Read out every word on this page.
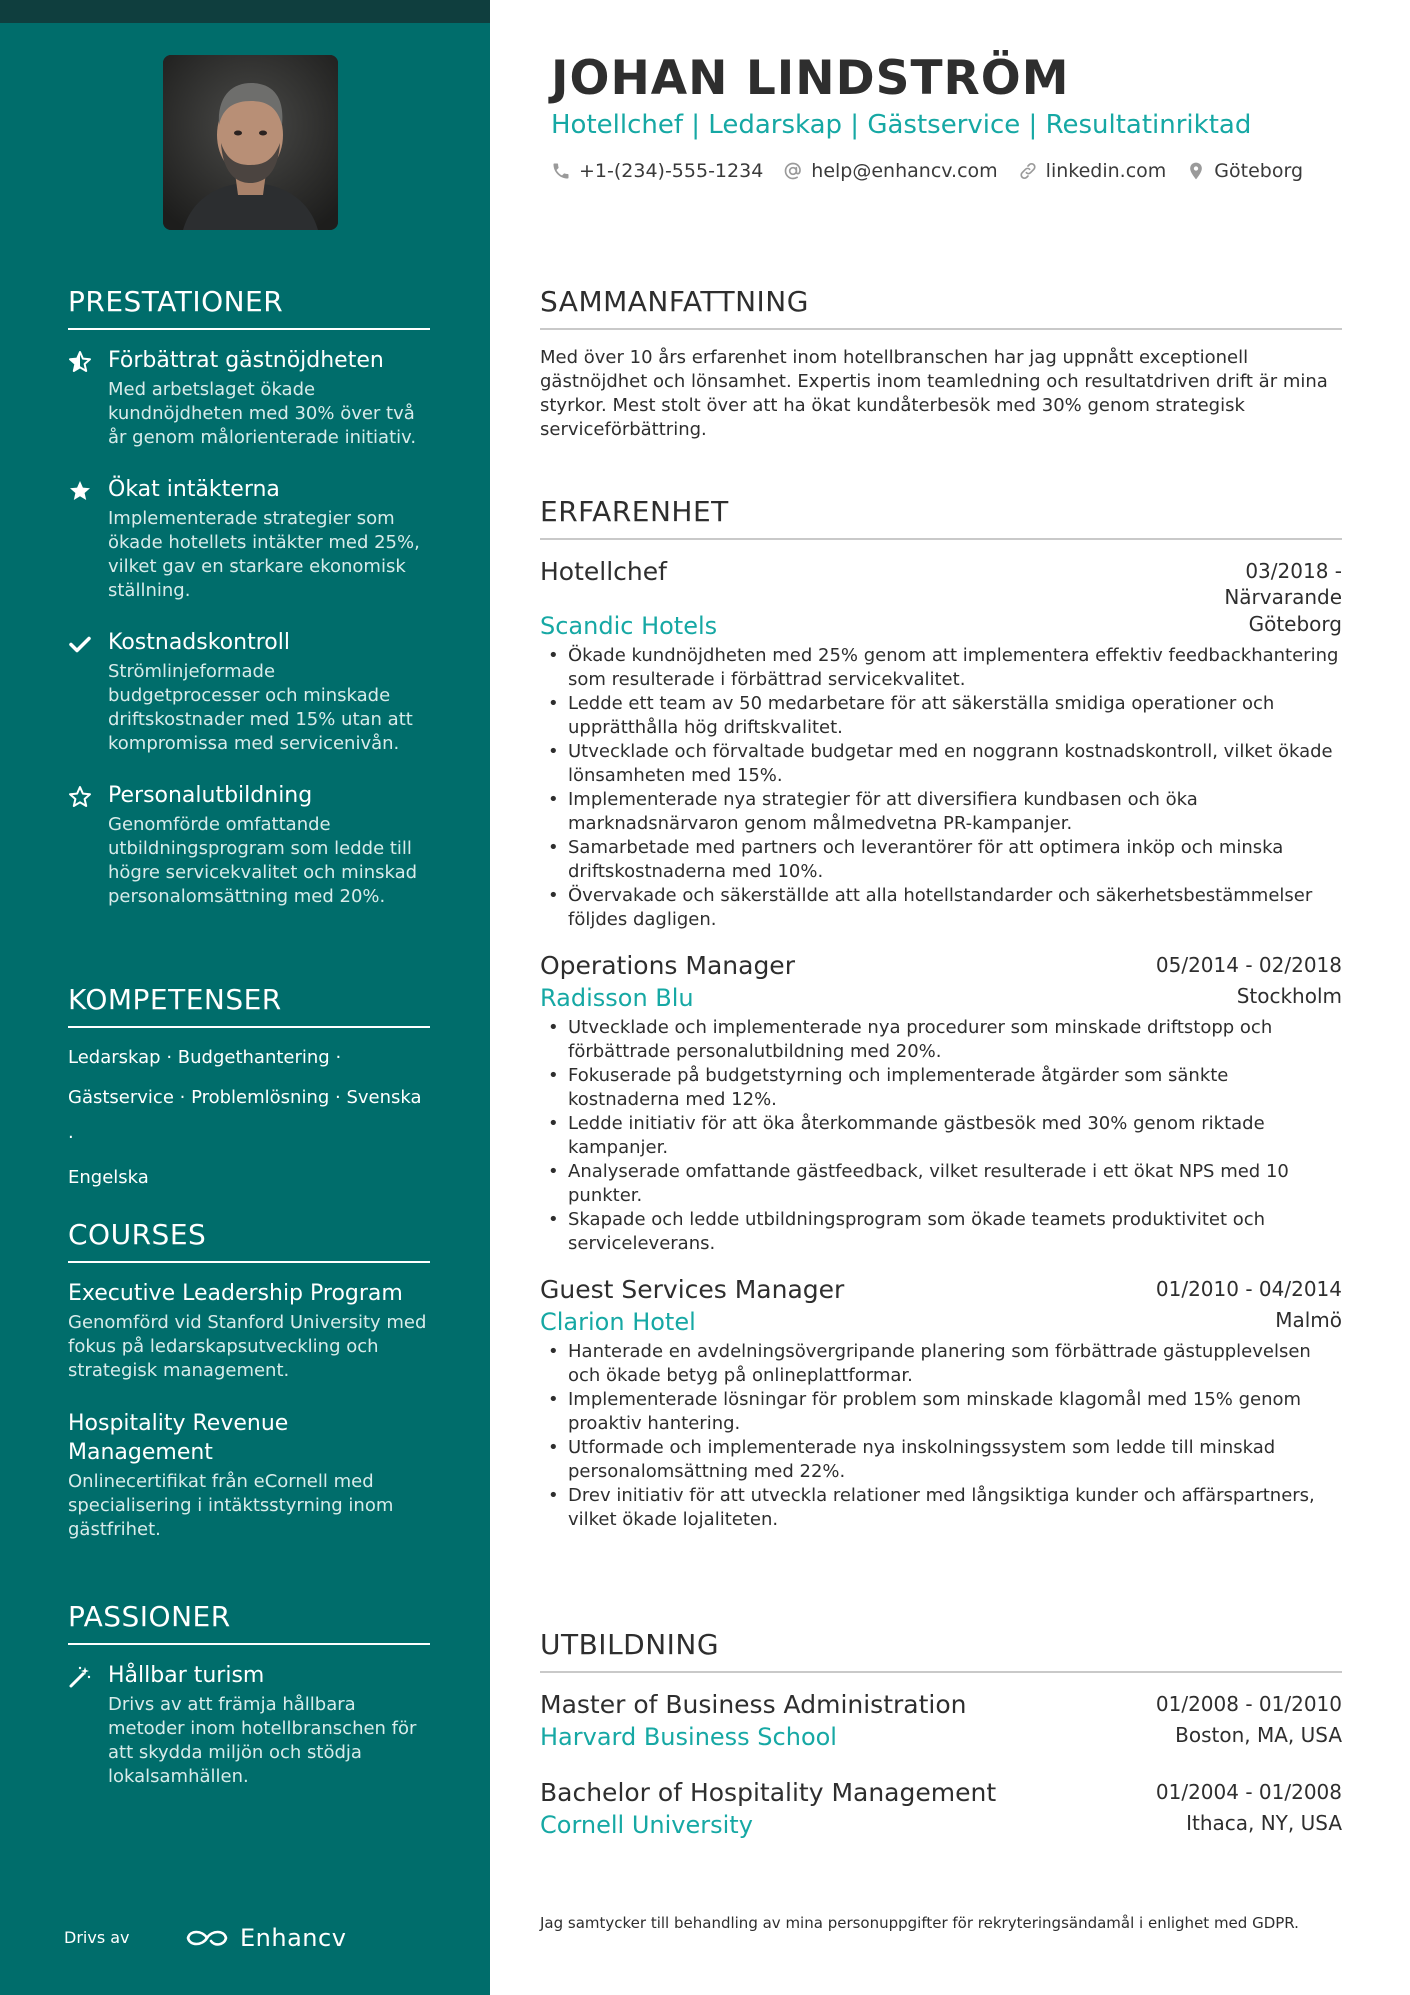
PRESTATIONER
Förbättrat gästnöjdheten
Med arbetslaget ökade kundnöjdheten med 30% över två år genom målorienterade initiativ.
Ökat intäkterna
Implementerade strategier som ökade hotellets intäkter med 25%, vilket gav en starkare ekonomisk ställning.
Kostnadskontroll
Strömlinjeformade budgetprocesser och minskade driftskostnader med 15% utan att kompromissa med servicenivån.
Personalutbildning
Genomförde omfattande utbildningsprogram som ledde till högre servicekvalitet och minskad personalomsättning med 20%.
KOMPETENSER
Ledarskap · Budgethantering ·
Gästservice · Problemlösning · Svenska ·
Engelska
COURSES
Executive Leadership Program
Genomförd vid Stanford University med fokus på ledarskapsutveckling och strategisk management.
Hospitality Revenue Management
Onlinecertifikat från eCornell med specialisering i intäktsstyrning inom gästfrihet.
PASSIONER
Hållbar turism
Drivs av att främja hållbara metoder inom hotellbranschen för att skydda miljön och stödja lokalsamhällen.
Drivs av	Enhancv
JOHAN LINDSTRÖM
Hotellchef | Ledarskap | Gästservice | Resultatinriktad
+1-(234)-555-1234	help@enhancv.com	linkedin.com	Göteborg
SAMMANFATTNING

Med över 10 års erfarenhet inom hotellbranschen har jag uppnått exceptionell gästnöjdhet och lönsamhet. Expertis inom teamledning och resultatdriven drift är mina styrkor. Mest stolt över att ha ökat kundåterbesök med 30% genom strategisk serviceförbättring.

ERFARENHET
Hotellchef	03/2018 -
Närvarande
Scandic Hotels	Göteborg
• Ökade kundnöjdheten med 25% genom att implementera effektiv feedbackhantering som resulterade i förbättrad servicekvalitet.
• Ledde ett team av 50 medarbetare för att säkerställa smidiga operationer och upprätthålla hög driftskvalitet.
• Utvecklade och förvaltade budgetar med en noggrann kostnadskontroll, vilket ökade lönsamheten med 15%.
• Implementerade nya strategier för att diversifiera kundbasen och öka marknadsnärvaron genom målmedvetna PR-kampanjer.
• Samarbetade med partners och leverantörer för att optimera inköp och minska driftskostnaderna med 10%.
• Övervakade och säkerställde att alla hotellstandarder och säkerhetsbestämmelser följdes dagligen.
Operations Manager	05/2014 - 02/2018
Radisson Blu	Stockholm
• Utvecklade och implementerade nya procedurer som minskade driftstopp och förbättrade personalutbildning med 20%.
• Fokuserade på budgetstyrning och implementerade åtgärder som sänkte kostnaderna med 12%.
• Ledde initiativ för att öka återkommande gästbesök med 30% genom riktade kampanjer.
• Analyserade omfattande gästfeedback, vilket resulterade i ett ökat NPS med 10 punkter.
• Skapade och ledde utbildningsprogram som ökade teamets produktivitet och serviceleverans.
Guest Services Manager	01/2010 - 04/2014
Clarion Hotel	Malmö
• Hanterade en avdelningsövergripande planering som förbättrade gästupplevelsen och ökade betyg på onlineplattformar.
• Implementerade lösningar för problem som minskade klagomål med 15% genom proaktiv hantering.
• Utformade och implementerade nya inskolningssystem som ledde till minskad personalomsättning med 22%.
• Drev initiativ för att utveckla relationer med långsiktiga kunder och affärspartners, vilket ökade lojaliteten.
UTBILDNING
Master of Business Administration	01/2008 - 01/2010
Harvard Business School	Boston, MA, USA
Bachelor of Hospitality Management	01/2004 - 01/2008
Cornell University	Ithaca, NY, USA
Jag samtycker till behandling av mina personuppgifter för rekryteringsändamål i enlighet med GDPR.
